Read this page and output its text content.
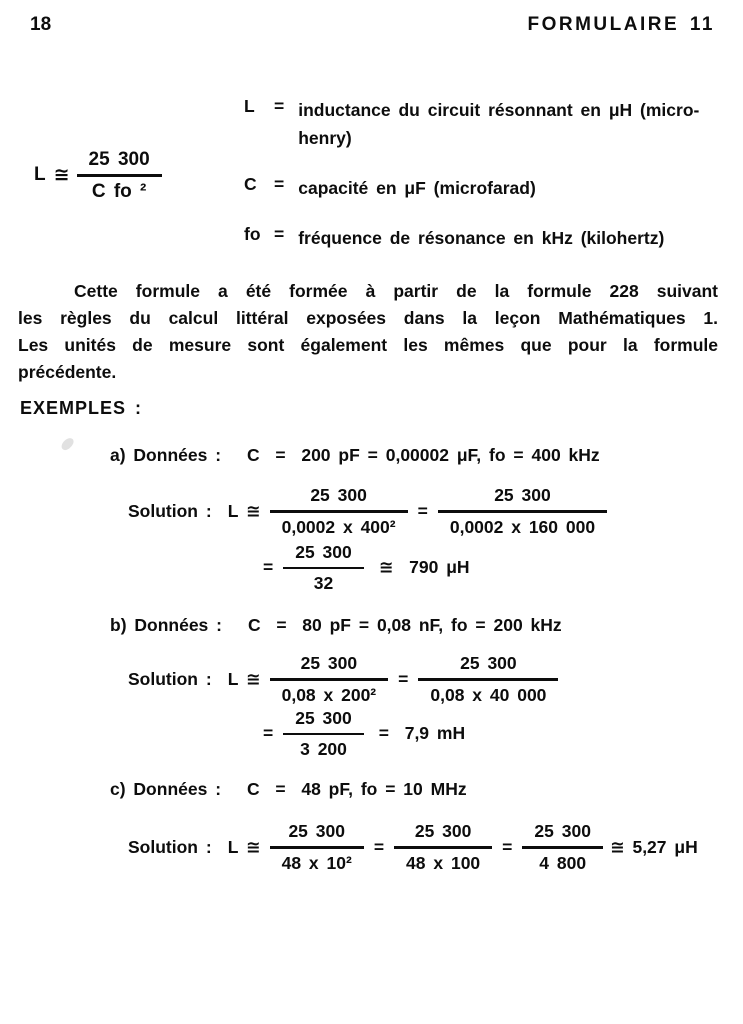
18	FORMULAIRE 11
L ≅ $\frac{25 300}{\text{C fo ²}}$
L	= inductance du circuit résonnant en μH (micro-
henry)
C = capacité en μF (microfarad)
fo = fréquence de résonance en kHz (kilohertz)
Cette formule a été formée à partir de la formule 228 suivant
les règles du calcul littéral exposées dans la leçon Mathématiques 1.
Les unités de mesure sont également les mêmes que pour la formule
précédente.
EXEMPLES :
a) Données : C  =  200 pF = 0,00002 μF, fo = 400 kHz
Solution : L ≅ $\frac{25 300}{\text{0,0002 x 400²}} = \frac{25 300}{0,0002 x 160 000}$
= $\frac{25 300}{32}$ ≅  790 μH
b) Données : C  =  80 pF = 0,08 nF, fo = 200 kHz
Solution : L ≅ $\frac{25 300}{\text{0,08 x 200²}} = \frac{25 300}{0,08 x 40 000}$
= $\frac{25 300}{3 200} = 7,9$ mH
c) Données : C  =  48 pF, fo = 10 MHz
Solution : L ≅ $\frac{25 300}{\text{48 x 10²}} = \frac{25 300}{48 x 100} = \frac{25 300}{4 800}$ ≅ 5,27 μH
